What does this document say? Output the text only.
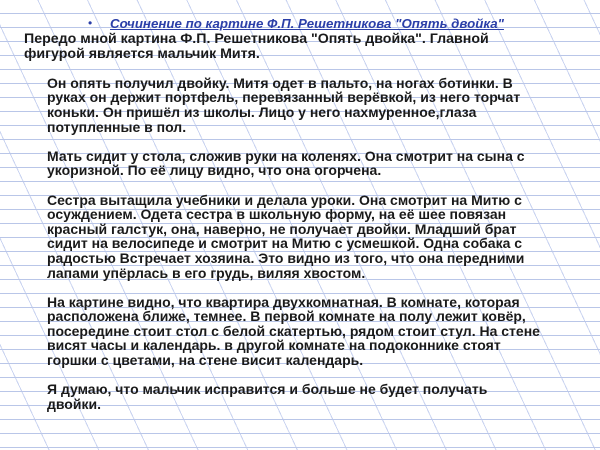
•	Сочинение по картине Ф.П. Решетникова "Опять двойка"
Передо мной картина Ф.П. Решетникова "Опять двойка". Главной
фигурой является мальчик Митя.
Он опять получил двойку. Митя одет в пальто, на ногах ботинки. В
руках он держит портфель, перевязанный верёвкой, из него торчат
коньки. Он пришёл из школы. Лицо у него нахмуренное,глаза
потупленные в пол.
Мать сидит у стола, сложив руки на коленях. Она смотрит на сына с
укоризной. По её лицу видно, что она огорчена.
Сестра вытащила учебники и делала уроки. Она смотрит на Митю с
осуждением. Одета сестра в школьную форму, на её шее повязан
красный галстук, она, наверно, не получает двойки. Младший брат
сидит на велосипеде и смотрит на Митю с усмешкой. Одна собака с
радостью Встречает хозяина. Это видно из того, что она передними
лапами упёрлась в его грудь, виляя хвостом.
На картине видно, что квартира двухкомнатная. В комнате, которая
расположена ближе, темнее. В первой комнате на полу лежит ковёр,
посередине стоит стол с белой скатертью, рядом стоит стул. На стене
висят часы и календарь. в другой комнате на подоконнике стоят
горшки с цветами, на стене висит календарь.
Я думаю, что мальчик исправится и больше не будет получать
двойки.
